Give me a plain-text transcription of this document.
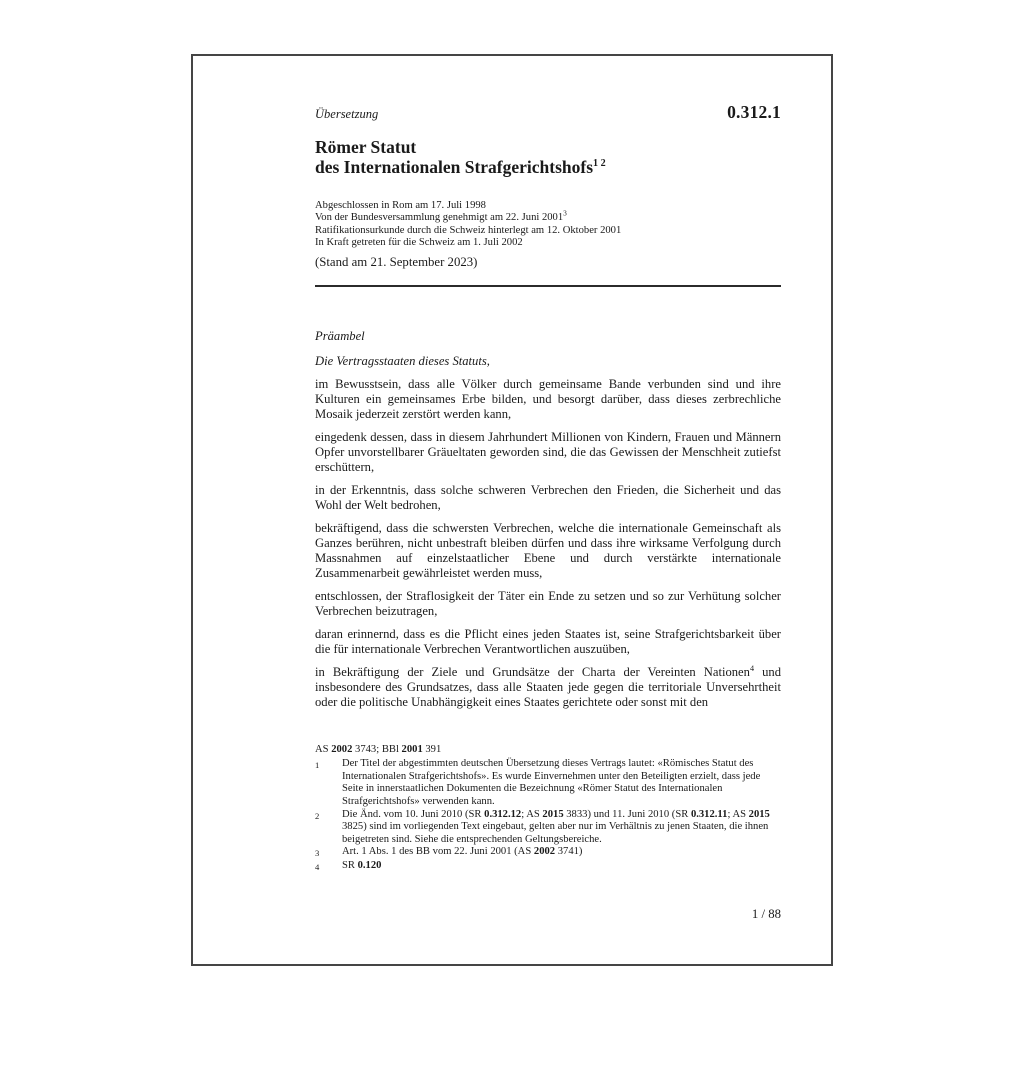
Übersetzung	0.312.1
Römer Statut
des Internationalen Strafgerichtshofs$^{1 2}$
Abgeschlossen in Rom am 17. Juli 1998
Von der Bundesversammlung genehmigt am 22. Juni 2001$^3$
Ratifikationsurkunde durch die Schweiz hinterlegt am 12. Oktober 2001
In Kraft getreten für die Schweiz am 1. Juli 2002
(Stand am 21. September 2023)
Präambel
Die Vertragsstaaten dieses Statuts,

im Bewusstsein, dass alle Völker durch gemeinsame Bande verbunden sind und ihre Kulturen ein gemeinsames Erbe bilden, und besorgt darüber, dass dieses zerbrechliche Mosaik jederzeit zerstört werden kann,

eingedenk dessen, dass in diesem Jahrhundert Millionen von Kindern, Frauen und Männern Opfer unvorstellbarer Gräueltaten geworden sind, die das Gewissen der Menschheit zutiefst erschüttern,

in der Erkenntnis, dass solche schweren Verbrechen den Frieden, die Sicherheit und das Wohl der Welt bedrohen,

bekräftigend, dass die schwersten Verbrechen, welche die internationale Gemeinschaft als Ganzes berühren, nicht unbestraft bleiben dürfen und dass ihre wirksame Verfolgung durch Massnahmen auf einzelstaatlicher Ebene und durch verstärkte internationale Zusammenarbeit gewährleistet werden muss,

entschlossen, der Straflosigkeit der Täter ein Ende zu setzen und so zur Verhütung solcher Verbrechen beizutragen,

daran erinnernd, dass es die Pflicht eines jeden Staates ist, seine Strafgerichtsbarkeit über die für internationale Verbrechen Verantwortlichen auszuüben,

in Bekräftigung der Ziele und Grundsätze der Charta der Vereinten Nationen$^4$ und insbesondere des Grundsatzes, dass alle Staaten jede gegen die territoriale Unversehrtheit oder die politische Unabhängigkeit eines Staates gerichtete oder sonst mit den

AS 2002 3743; BBl 2001 391
1	Der Titel der abgestimmten deutschen Übersetzung dieses Vertrags lautet: «Römisches Statut des Internationalen Strafgerichtshofs». Es wurde Einvernehmen unter den Beteiligten erzielt, dass jede Seite in innerstaatlichen Dokumenten die Bezeichnung «Römer Statut des Internationalen Strafgerichtshofs» verwenden kann.
2	Die Änd. vom 10. Juni 2010 (SR 0.312.12; AS 2015 3833) und 11. Juni 2010 (SR 0.312.11; AS 2015 3825) sind im vorliegenden Text eingebaut, gelten aber nur im Verhältnis zu jenen Staaten, die ihnen beigetreten sind. Siehe die entsprechenden Geltungsbereiche.
3	Art. 1 Abs. 1 des BB vom 22. Juni 2001 (AS 2002 3741)
4	SR 0.120
1 / 88
